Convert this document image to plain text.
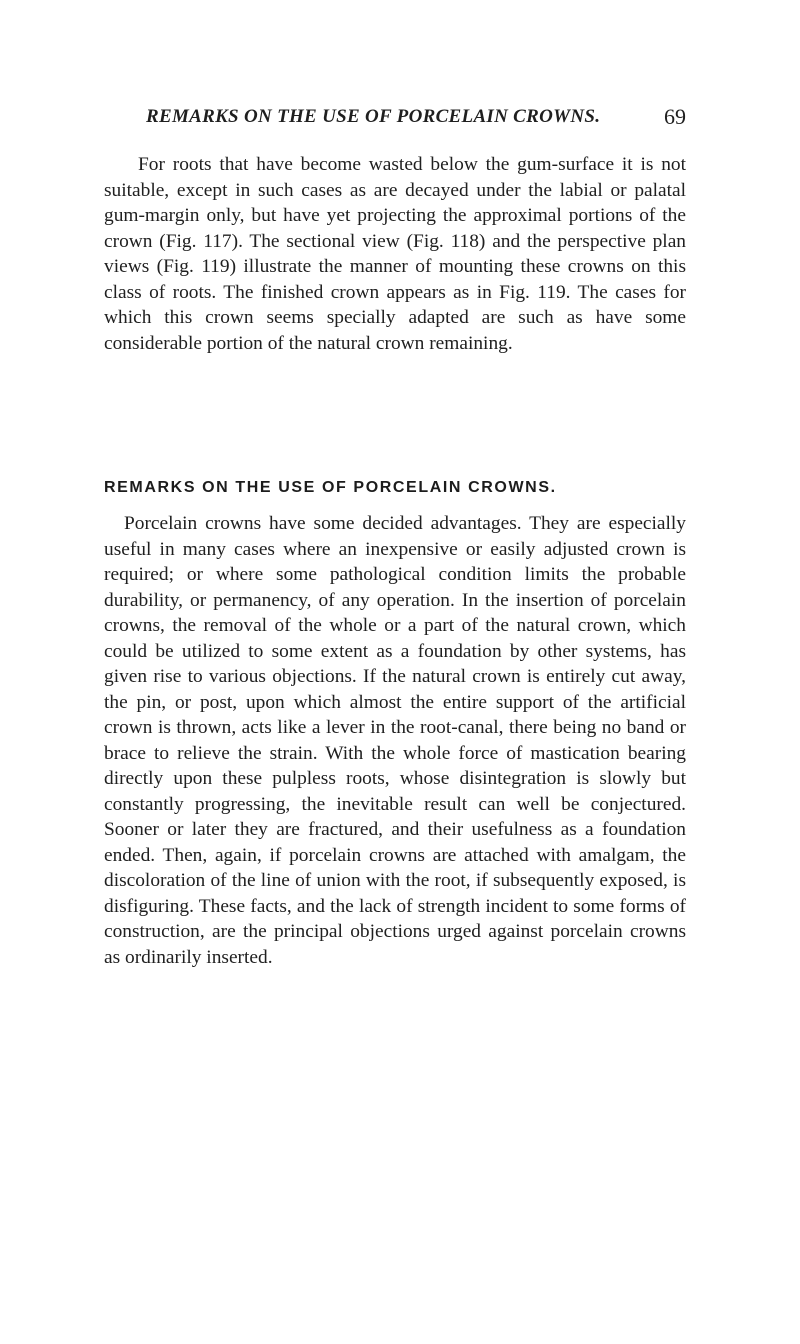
REMARKS ON THE USE OF PORCELAIN CROWNS.	69

For roots that have become wasted below the gum-surface it is not suitable, except in such cases as are decayed under the labial or palatal gum-margin only, but have yet projecting the approximal portions of the crown (Fig. 117). The sectional view (Fig. 118) and the perspective plan views (Fig. 119) illustrate the manner of mounting these crowns on this class of roots. The finished crown appears as in Fig. 119. The cases for which this crown seems specially adapted are such as have some considerable portion of the natural crown remaining.

REMARKS ON THE USE OF PORCELAIN CROWNS.

Porcelain crowns have some decided advantages. They are especially useful in many cases where an inexpensive or easily adjusted crown is required; or where some pathological condition limits the probable durability, or permanency, of any operation. In the insertion of porcelain crowns, the removal of the whole or a part of the natural crown, which could be utilized to some extent as a foundation by other systems, has given rise to various objections. If the natural crown is entirely cut away, the pin, or post, upon which almost the entire support of the artificial crown is thrown, acts like a lever in the root-canal, there being no band or brace to relieve the strain. With the whole force of mastication bearing directly upon these pulpless roots, whose disintegration is slowly but constantly progressing, the inevitable result can well be conjectured. Sooner or later they are fractured, and their usefulness as a foundation ended. Then, again, if porcelain crowns are attached with amalgam, the discoloration of the line of union with the root, if subsequently exposed, is disfiguring. These facts, and the lack of strength incident to some forms of construction, are the principal objections urged against porcelain crowns as ordinarily inserted.
